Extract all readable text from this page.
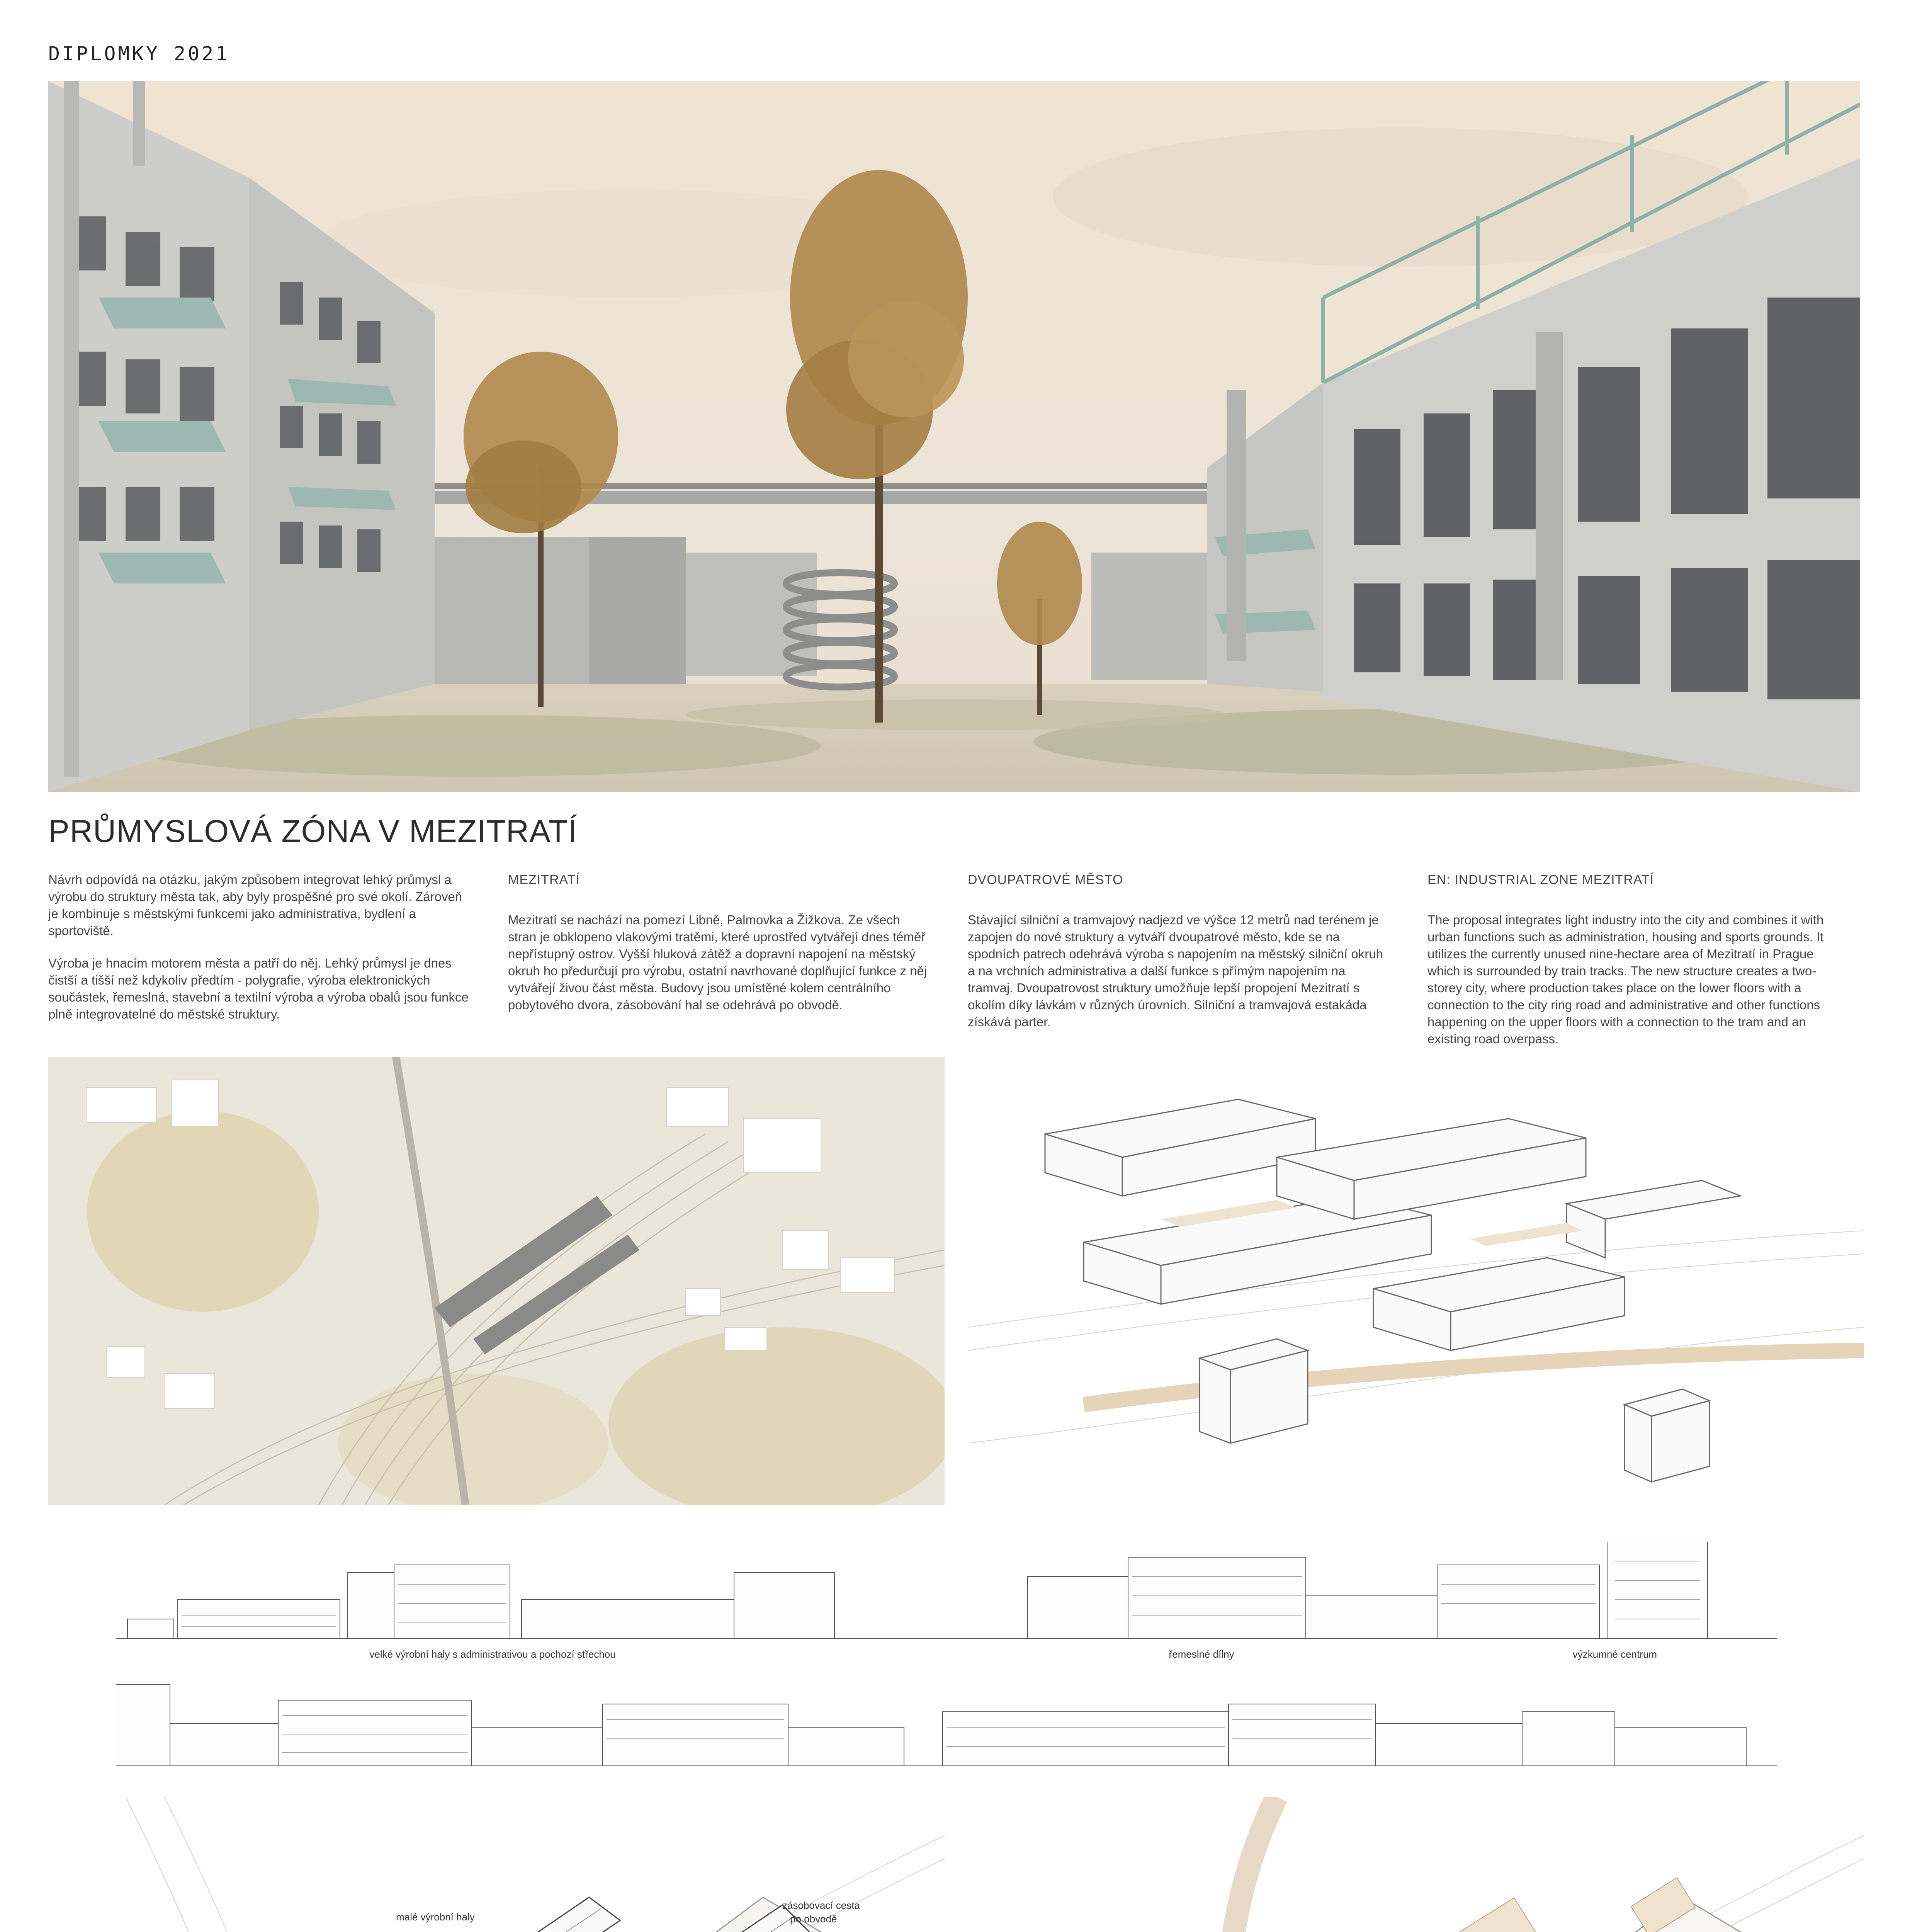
DIPLOMKY 2021
PRŮMYSLOVÁ ZÓNA V MEZITRATÍ

Návrh odpovídá na otázku, jakým způsobem integrovat lehký průmysl a výrobu do struktury města tak, aby byly prospěšné pro své okolí. Zároveň je kombinuje s městskými funkcemi jako administrativa, bydlení a sportoviště.

Výroba je hnacím motorem města a patří do něj. Lehký průmysl je dnes čistší a tišší než kdykoliv předtím - polygrafie, výroba elektronických součástek, řemeslná, stavební a textilní výroba a výroba obalů jsou funkce plně integrovatelné do městské struktury.

MEZITRATÍ

Mezitratí se nachází na pomezí Libně, Palmovka a Žižkova. Ze všech stran je obklopeno vlakovými tratěmi, které uprostřed vytvářejí dnes téměř nepřístupný ostrov. Vyšší hluková zátěž a dopravní napojení na městský okruh ho předurčují pro výrobu, ostatní navrhované doplňující funkce z něj vytvářejí živou část města. Budovy jsou umístěné kolem centrálního pobytového dvora, zásobování hal se odehrává po obvodě.

DVOUPATROVÉ MĚSTO

Stávající silniční a tramvajový nadjezd ve výšce 12 metrů nad terénem je zapojen do nové struktury a vytváří dvoupatrové město, kde se na spodních patrech odehrává výroba s napojením na městský silniční okruh a na vrchních administrativa a další funkce s přímým napojením na tramvaj. Dvoupatrovost struktury umožňuje lepší propojení Mezitratí s okolím díky lávkám v různých úrovních. Silniční a tramvajová estakáda získává parter.

EN: INDUSTRIAL ZONE MEZITRATÍ

The proposal integrates light industry into the city and combines it with urban functions such as administration, housing and sports grounds. It utilizes the currently unused nine-hectare area of Mezitratí in Prague which is surrounded by train tracks. The new structure creates a two-storey city, where production takes place on the lower floors with a connection to the city ring road and administrative and other functions happening on the upper floors with a connection to the tram and an existing road overpass.

velké výrobní haly s administrativou a pochozí střechou	řemeslné dílny	výzkumné centrum
malé výrobní haly
zásobovací cesta
po obvodě
